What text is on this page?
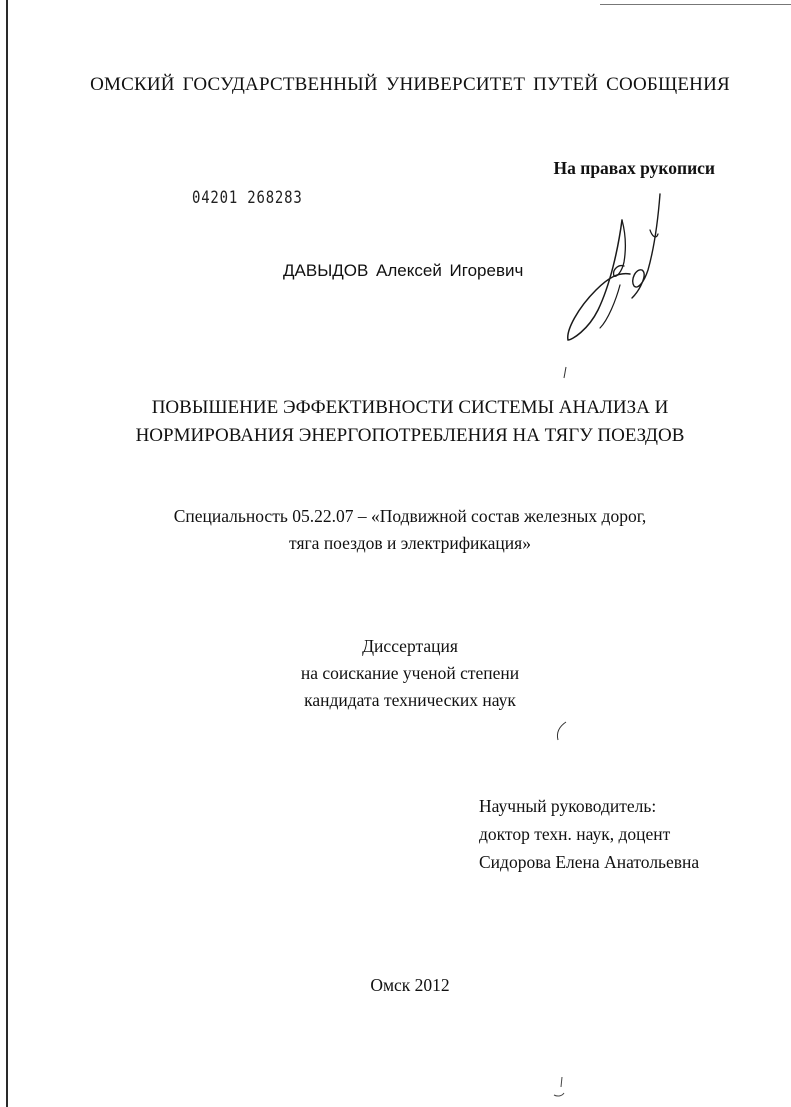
ОМСКИЙ ГОСУДАРСТВЕННЫЙ УНИВЕРСИТЕТ ПУТЕЙ СООБЩЕНИЯ
На правах рукописи
04201 268283
ДАВЫДОВ Алексей Игоревич
ПОВЫШЕНИЕ ЭФФЕКТИВНОСТИ СИСТЕМЫ АНАЛИЗА И
НОРМИРОВАНИЯ ЭНЕРГОПОТРЕБЛЕНИЯ НА ТЯГУ ПОЕЗДОВ
Специальность 05.22.07 – «Подвижной состав железных дорог,
тяга поездов и электрификация»
Диссертация
на соискание ученой степени
кандидата технических наук
Научный руководитель:
доктор техн. наук, доцент
Сидорова Елена Анатольевна
Омск 2012
